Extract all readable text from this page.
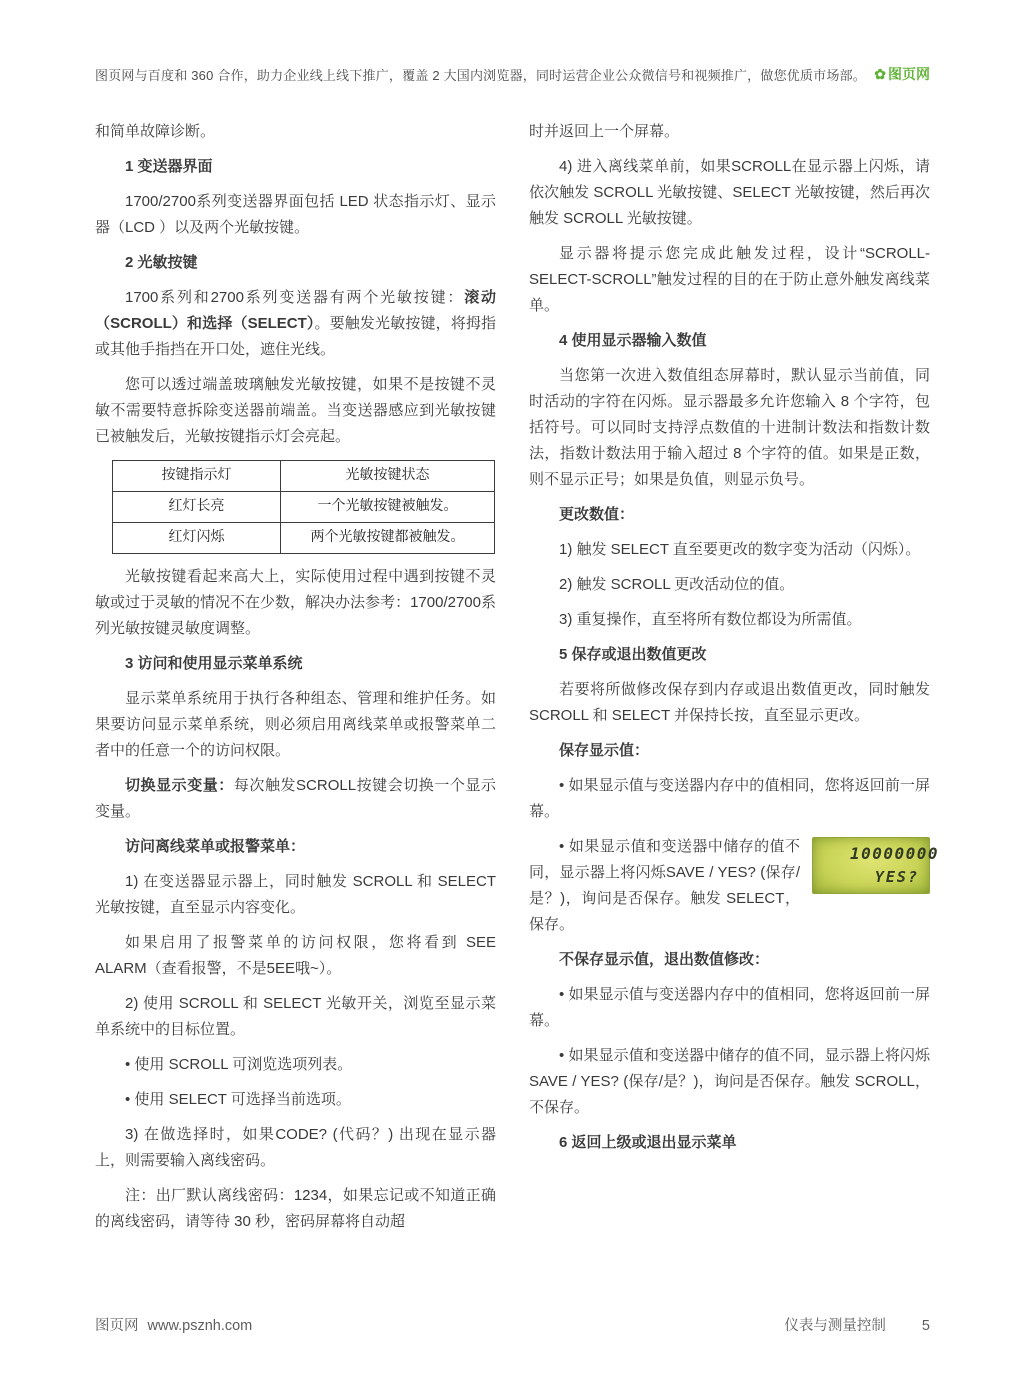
图页网与百度和 360 合作，助力企业线上线下推广，覆盖 2 大国内浏览器，同时运营企业公众微信号和视频推广，做您优质市场部。 ✿ 图页网

和简单故障诊断。

1 变送器界面

1700/2700系列变送器界面包括 LED 状态指示灯、显示器（LCD ）以及两个光敏按键。

2 光敏按键

1700系列和2700系列变送器有两个光敏按键：滚动（SCROLL）和选择（SELECT）。要触发光敏按键，将拇指或其他手指挡在开口处，遮住光线。

您可以透过端盖玻璃触发光敏按键，如果不是按键不灵敏不需要特意拆除变送器前端盖。当变送器感应到光敏按键已被触发后，光敏按键指示灯会亮起。

按键指示灯	光敏按键状态
红灯长亮	一个光敏按键被触发。
红灯闪烁	两个光敏按键都被触发。

光敏按键看起来高大上，实际使用过程中遇到按键不灵敏或过于灵敏的情况不在少数，解决办法参考：1700/2700系列光敏按键灵敏度调整。

3 访问和使用显示菜单系统

显示菜单系统用于执行各种组态、管理和维护任务。如果要访问显示菜单系统，则必须启用离线菜单或报警菜单二者中的任意一个的访问权限。

切换显示变量：每次触发SCROLL按键会切换一个显示变量。

访问离线菜单或报警菜单：

1) 在变送器显示器上，同时触发 SCROLL 和 SELECT 光敏按键，直至显示内容变化。

如果启用了报警菜单的访问权限，您将看到 SEE ALARM（查看报警，不是5EE哦~）。

2) 使用 SCROLL 和 SELECT 光敏开关，浏览至显示菜单系统中的目标位置。

• 使用 SCROLL 可浏览选项列表。

• 使用 SELECT 可选择当前选项。

3) 在做选择时，如果CODE? (代码？) 出现在显示器上，则需要输入离线密码。

注：出厂默认离线密码：1234，如果忘记或不知道正确的离线密码，请等待 30 秒，密码屏幕将自动超

时并返回上一个屏幕。

4) 进入离线菜单前，如果SCROLL在显示器上闪烁，请依次触发 SCROLL 光敏按键、SELECT 光敏按键，然后再次触发 SCROLL 光敏按键。

显示器将提示您完成此触发过程，设计“SCROLL-SELECT-SCROLL”触发过程的目的在于防止意外触发离线菜单。

4 使用显示器输入数值

当您第一次进入数值组态屏幕时，默认显示当前值，同时活动的字符在闪烁。显示器最多允许您输入 8 个字符，包括符号。可以同时支持浮点数值的十进制计数法和指数计数法，指数计数法用于输入超过 8 个字符的值。如果是正数，则不显示正号；如果是负值，则显示负号。

更改数值：

1) 触发 SELECT 直至要更改的数字变为活动（闪烁）。

2) 触发 SCROLL 更改活动位的值。

3) 重复操作，直至将所有数位都设为所需值。

5 保存或退出数值更改

若要将所做修改保存到内存或退出数值更改，同时触发 SCROLL 和 SELECT 并保持长按，直至显示更改。

保存显示值：

• 如果显示值与变送器内存中的值相同，您将返回前一屏幕。

10000000
YES?
• 如果显示值和变送器中储存的值不同，显示器上将闪烁SAVE / YES? (保存/是？)，询问是否保存。触发 SELECT，保存。

不保存显示值，退出数值修改：

• 如果显示值与变送器内存中的值相同，您将返回前一屏幕。

• 如果显示值和变送器中储存的值不同，显示器上将闪烁SAVE / YES? (保存/是？)，询问是否保存。触发 SCROLL，不保存。

6 返回上级或退出显示菜单

图页网 www.psznh.com	仪表与测量控制 5
